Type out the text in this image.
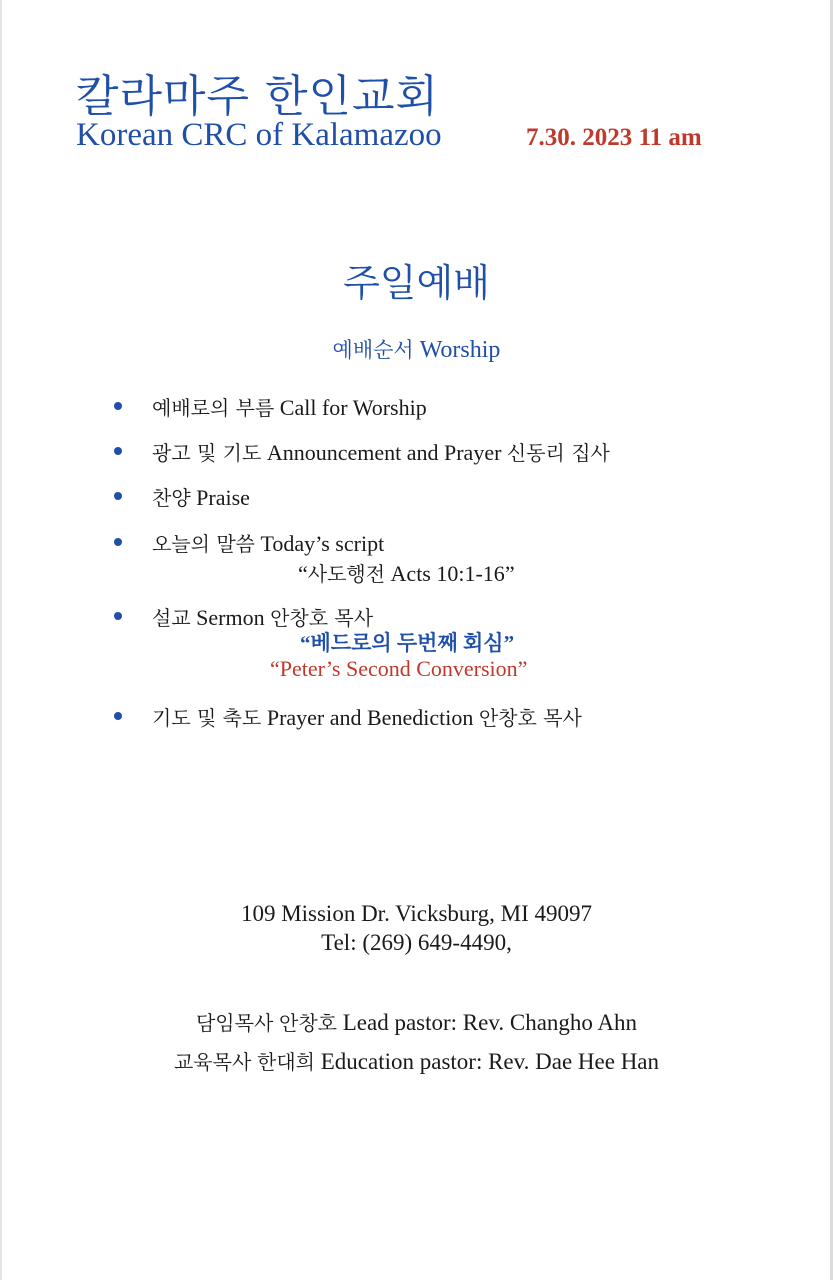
칼라마주 한인교회
Korean CRC of Kalamazoo	7.30. 2023 11 am
주일예배
예배순서 Worship
예배로의 부름 Call for Worship
광고 및 기도 Announcement and Prayer 신동리 집사
찬양 Praise
오늘의 말씀 Today’s script
“사도행전 Acts 10:1-16”
설교 Sermon 안창호 목사
“베드로의 두번째 회심”
“Peter’s Second Conversion”
기도 및 축도 Prayer and Benediction 안창호 목사
109 Mission Dr. Vicksburg, MI 49097
Tel: (269) 649-4490,
담임목사 안창호 Lead pastor: Rev. Changho Ahn
교육목사 한대희 Education pastor: Rev. Dae Hee Han
